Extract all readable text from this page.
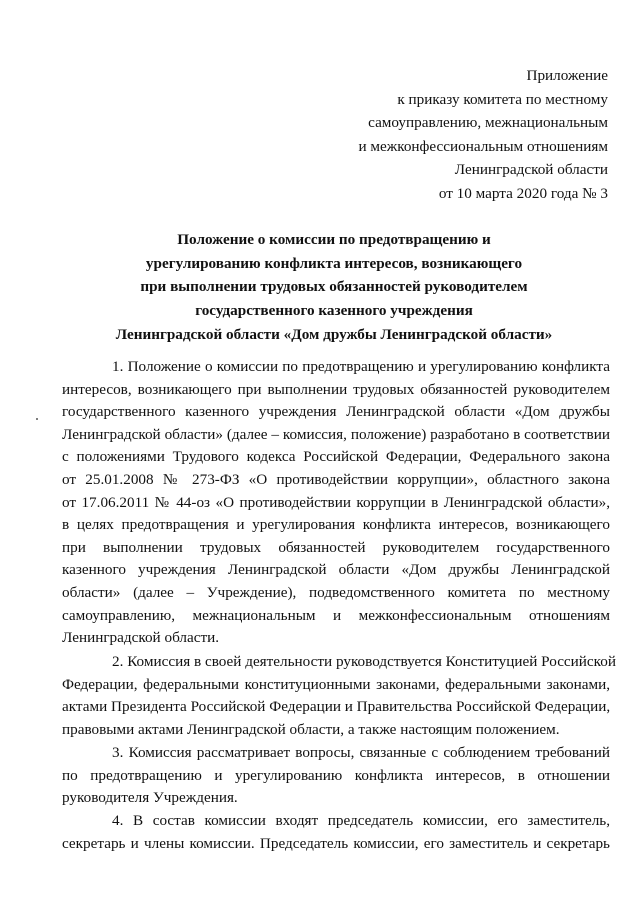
Приложение
к приказу комитета по местному
самоуправлению, межнациональным
и межконфессиональным отношениям
Ленинградской области
от 10 марта 2020 года № 3
Положение о комиссии по предотвращению и
урегулированию конфликта интересов, возникающего
при выполнении трудовых обязанностей руководителем
государственного казенного учреждения
Ленинградской области «Дом дружбы Ленинградской области»
1. Положение о комиссии по предотвращению и урегулированию конфликта
интересов, возникающего при выполнении трудовых обязанностей руководителем
государственного казенного учреждения Ленинградской области «Дом дружбы
Ленинградской области» (далее – комиссия, положение) разработано в соответствии
с положениями Трудового кодекса Российской Федерации, Федерального закона
от 25.01.2008 № 273-ФЗ «О противодействии коррупции», областного закона
от 17.06.2011 № 44-оз «О противодействии коррупции в Ленинградской области»,
в целях предотвращения и урегулирования конфликта интересов, возникающего
при выполнении трудовых обязанностей руководителем государственного
казенного учреждения Ленинградской области «Дом дружбы Ленинградской
области» (далее – Учреждение), подведомственного комитета по местному
самоуправлению, межнациональным и межконфессиональным отношениям
Ленинградской области.
2. Комиссия в своей деятельности руководствуется Конституцией Российской
Федерации, федеральными конституционными законами, федеральными законами,
актами Президента Российской Федерации и Правительства Российской Федерации,
правовыми актами Ленинградской области, а также настоящим положением.
3. Комиссия рассматривает вопросы, связанные с соблюдением требований
по предотвращению и урегулированию конфликта интересов, в отношении
руководителя Учреждения.
4. В состав комиссии входят председатель комиссии, его заместитель,
секретарь и члены комиссии. Председатель комиссии, его заместитель и секретарь
